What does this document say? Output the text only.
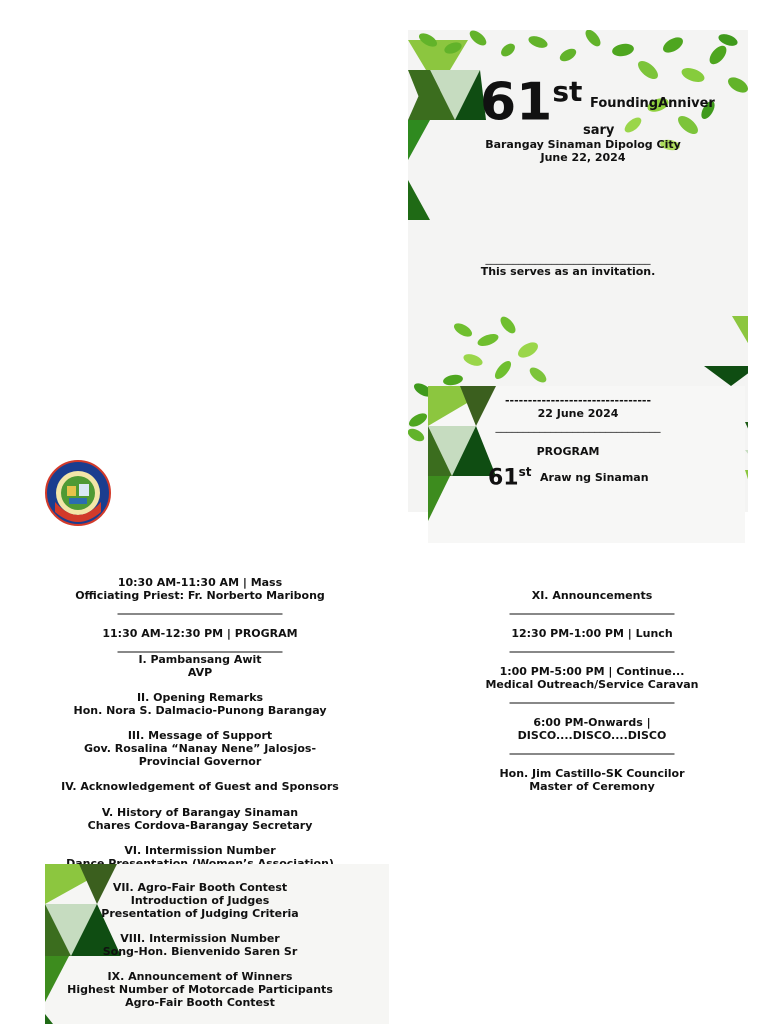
61st FoundingAnniver
sary
Barangay Sinaman Dipolog City
June 22, 2024
______________________________
This serves as an invitation.
--------------------------------
22 June 2024
______________________________
PROGRAM
61st Araw ng Sinaman
10:30 AM-11:30 AM | Mass
Officiating Priest: Fr. Norberto Maribong
______________________________
11:30 AM-12:30 PM | PROGRAM
______________________________
I. Pambansang Awit
AVP
II. Opening Remarks
Hon. Nora S. Dalmacio-Punong Barangay
III. Message of Support
Gov. Rosalina “Nanay Nene” Jalosjos-
Provincial Governor
IV. Acknowledgement of Guest and Sponsors
V. History of Barangay Sinaman
Chares Cordova-Barangay Secretary
VI. Intermission Number
VII. Agro-Fair Booth Contest
Introduction of Judges
Presentation of Judging Criteria
VIII. Intermission Number
Song-Hon. Bienvenido Saren Sr
IX. Announcement of Winners
Highest Number of Motorcade Participants
Agro-Fair Booth Contest
XI. Announcements
______________________________
12:30 PM-1:00 PM | Lunch
______________________________
1:00 PM-5:00 PM | Continue...
Medical Outreach/Service Caravan
______________________________
6:00 PM-Onwards |
DISCO....DISCO....DISCO
______________________________
Hon. Jim Castillo-SK Councilor
Master of Ceremony
